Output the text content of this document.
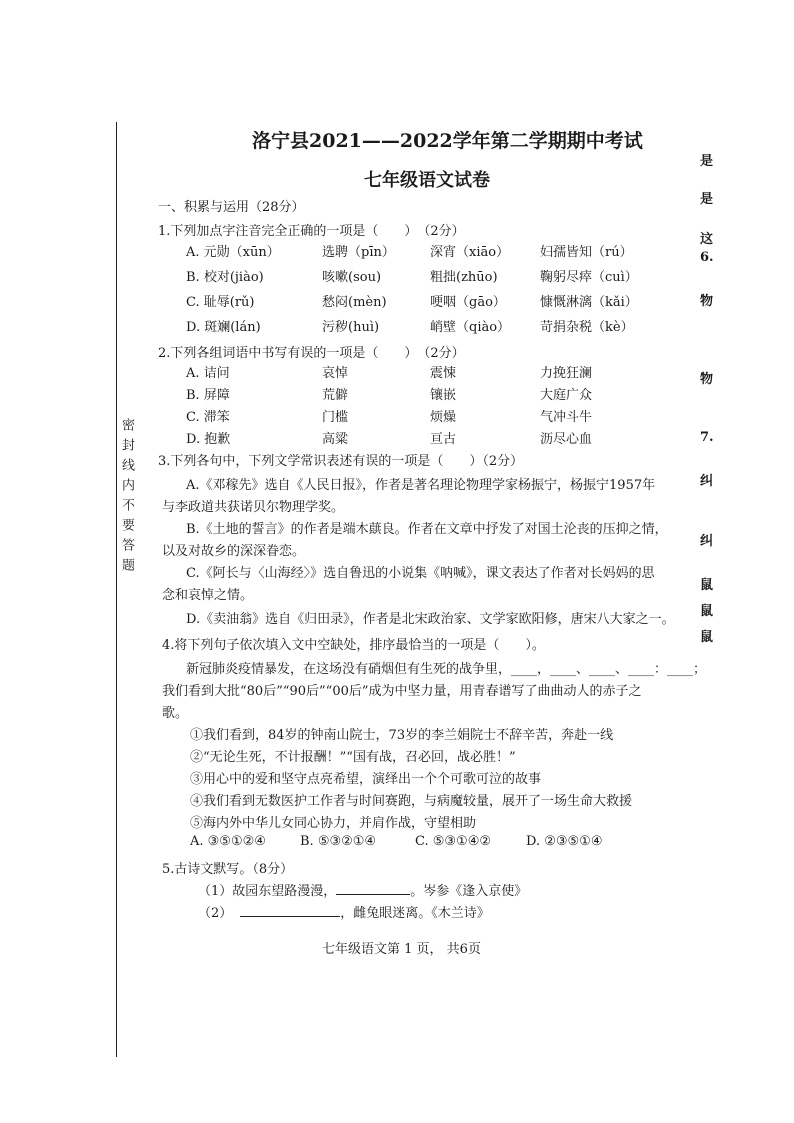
密封线内不要答题
洛宁县2021——2022学年第二学期期中考试
七年级语文试卷
一、积累与运用（28分）
1.下列加点字注音完全正确的一项是（　　）　（2分）
A. 元勋（xūn）	选聘（pīn）	深宵（xiāo） 妇孺皆知（rú）
B. 校对(jiào)	咳嗽(sou)	粗拙(zhūo)	鞠躬尽瘁（cuì）
C. 耻辱(rǔ)	愁闷(mèn)	哽咽（gāo）	慷慨淋漓（kǎi）
D. 斑斓(lán)	污秽(huì)	峭壁（qiào） 苛捐杂税（kè）
2.下列各组词语中书写有误的一项是（　　）　（2分）
A. 诘问	哀悼	震悚	力挽狂澜
B. 屏障	荒僻	镶嵌	大庭广众
C. 滞笨	门槛	烦燥	气冲斗牛
D. 抱歉	高粱	亘古	沥尽心血
3.下列各句中，下列文学常识表述有误的一项是（　　）（2分）
A.《邓稼先》选自《人民日报》，作者是著名理论物理学家杨振宁，杨振宁1957年
与李政道共获诺贝尔物理学奖。
B.《土地的誓言》的作者是端木蕻良。作者在文章中抒发了对国土沦丧的压抑之情，
以及对故乡的深深眷恋。
C.《阿长与〈山海经〉》选自鲁迅的小说集《呐喊》，课文表达了作者对长妈妈的思
念和哀悼之情。
D.《卖油翁》选自《归田录》，作者是北宋政治家、文学家欧阳修，唐宋八大家之一。
4.将下列句子依次填入文中空缺处，排序最恰当的一项是（　　）。
新冠肺炎疫情暴发，在这场没有硝烟但有生死的战争里，____，____、____、____：____；
我们看到大批“80后”“90后”“00后”成为中坚力量，用青春谱写了曲曲动人的赤子之
歌。
①我们看到，84岁的钟南山院士，73岁的李兰娟院士不辞辛苦，奔赴一线
②“无论生死，不计报酬！”“国有战，召必回，战必胜！”
③用心中的爱和坚守点亮希望，演绎出一个个可歌可泣的故事
④我们看到无数医护工作者与时间赛跑，与病魔较量，展开了一场生命大救援
⑤海内外中华儿女同心协力，并肩作战，守望相助
A. ③⑤①②④	B. ⑤③②①④	C. ⑤③①④②	D. ②③⑤①④
5.古诗文默写。（8分）
（1）故园东望路漫漫，	。岑参《逢入京使》
（2）	，雌兔眼迷离。《木兰诗》
七年级语文第 1 页， 共6页
是
是
这
6.
物
物
7.
纠
纠
鼠
鼠
鼠
